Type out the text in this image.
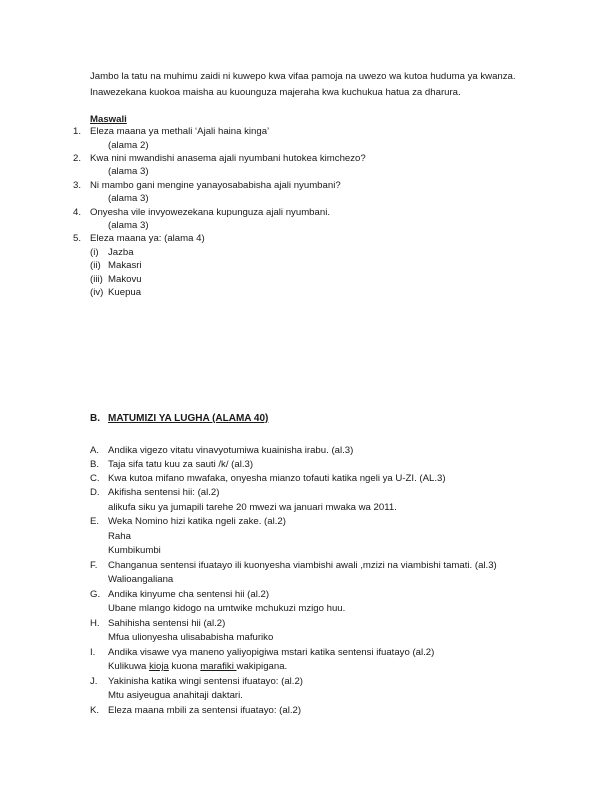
Jambo la tatu na muhimu zaidi ni kuwepo kwa vifaa pamoja na uwezo wa kutoa huduma ya kwanza.
Inawezekana kuokoa maisha au kuounguza majeraha kwa kuchukua hatua za dharura.
Maswali
1. Eleza maana ya methali ‘Ajali haina kinga’
(alama 2)
2. Kwa nini mwandishi anasema ajali nyumbani hutokea kimchezo?
(alama 3)
3. Ni mambo gani mengine yanayosababisha ajali nyumbani?
(alama 3)
4. Onyesha vile invyowezekana kupunguza ajali nyumbani.
(alama 3)
5. Eleza maana ya: (alama 4)
(i) Jazba
(ii) Makasri
(iii) Makovu
(iv) Kuepua
B. MATUMIZI YA LUGHA (ALAMA 40)
A. Andika vigezo vitatu vinavyotumiwa kuainisha irabu. (al.3)
B. Taja sifa tatu kuu za sauti /k/ (al.3)
C. Kwa kutoa mifano mwafaka, onyesha mianzo tofauti katika ngeli ya U-ZI. (AL.3)
D. Akifisha sentensi hii: (al.2)
alikufa siku ya jumapili tarehe 20 mwezi wa januari mwaka wa 2011.
E. Weka Nomino hizi katika ngeli zake. (al.2)
Raha
Kumbikumbi
F. Changanua sentensi ifuatayo ili kuonyesha viambishi awali ,mzizi na viambishi tamati. (al.3)
Walioangaliana
G. Andika kinyume cha sentensi hii (al.2)
Ubane mlango kidogo na umtwike mchukuzi mzigo huu.
H. Sahihisha sentensi hii (al.2)
Mfua ulionyesha ulisababisha mafuriko
I. Andika visawe vya maneno yaliyopigiwa mstari katika sentensi ifuatayo (al.2)
Kulikuwa kioja kuona marafiki wakipigana.
J. Yakinisha katika wingi sentensi ifuatayo: (al.2)
Mtu asiyeugua anahitaji daktari.
K. Eleza maana mbili za sentensi ifuatayo: (al.2)
